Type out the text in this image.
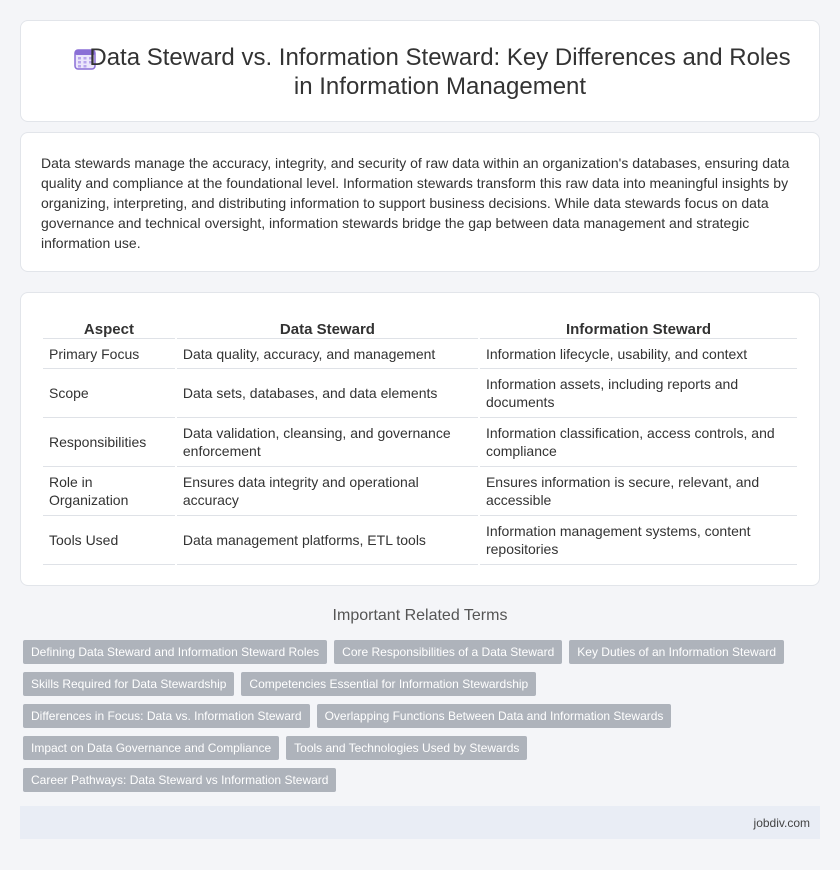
Data Steward vs. Information Steward: Key Differences and Roles in Information Management

Data stewards manage the accuracy, integrity, and security of raw data within an organization's databases, ensuring data quality and compliance at the foundational level. Information stewards transform this raw data into meaningful insights by organizing, interpreting, and distributing information to support business decisions. While data stewards focus on data governance and technical oversight, information stewards bridge the gap between data management and strategic information use.

Aspect	Data Steward	Information Steward
Primary Focus	Data quality, accuracy, and management	Information lifecycle, usability, and context
Scope	Data sets, databases, and data elements	Information assets, including reports and documents
Responsibilities	Data validation, cleansing, and governance enforcement	Information classification, access controls, and compliance
Role in Organization	Ensures data integrity and operational accuracy	Ensures information is secure, relevant, and accessible
Tools Used	Data management platforms, ETL tools	Information management systems, content repositories
Important Related Terms
Defining Data Steward and Information Steward Roles	Core Responsibilities of a Data Steward	Key Duties of an Information Steward
Skills Required for Data Stewardship	Competencies Essential for Information Stewardship
Differences in Focus: Data vs. Information Steward	Overlapping Functions Between Data and Information Stewards
Impact on Data Governance and Compliance	Tools and Technologies Used by Stewards
Career Pathways: Data Steward vs Information Steward
jobdiv.com
